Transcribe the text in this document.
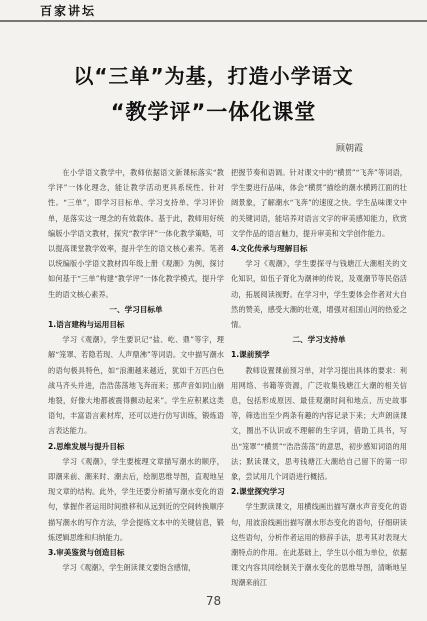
百家讲坛
以“三单”为基，打造小学语文
“教学评”一体化课堂
顾朝霞

在小学语文教学中，教师依据语文新课标落实“教学评”一体化理念，能让教学活动更具系统性、针对性。“三单”，即学习目标单、学习支持单、学习评价单，是落实这一理念的有效载体。基于此，教师用好统编版小学语文教材，探究“教学评”一体化教学策略，可以提高课堂教学效率，提升学生的语文核心素养。笔者以统编版小学语文教材四年级上册《观潮》为例，探讨如何基于“三单”构建“教学评”一体化教学模式，提升学生的语文核心素养。

一、学习目标单
1.语言建构与运用目标

学习《观潮》，学生要识记“盐、屹、鼎”等字，理解“笼罩、若隐若现、人声鼎沸”等词语。文中描写潮水的语句极具特色，如“浪潮越来越近，犹如千万匹白色战马齐头并进，浩浩荡荡地飞奔而来；那声音如同山崩地裂，好像大地都被震得颤动起来”。学生应积累这类语句，丰富语言素材库，还可以进行仿写训练，锻炼语言表达能力。

2.思维发展与提升目标

学习《观潮》，学生要梳理文章描写潮水的顺序，即潮来前、潮来时、潮去后，绘制思维导图，直观地呈现文章的结构。此外，学生还要分析描写潮水变化的语句，掌握作者运用时间推移和从远到近的空间转换顺序描写潮水的写作方法，学会提炼文本中的关键信息，锻炼逻辑思维和归纳能力。

3.审美鉴赏与创造目标

学习《观潮》，学生朗读课文要饱含感情，

把握节奏和语调。针对课文中的“横贯”“飞奔”等词语，学生要进行品味，体会“横贯”描绘的潮水横跨江面的壮阔景象，了解潮水“飞奔”的速度之快。学生品味课文中的关键词语，能培养对语言文字的审美感知能力，欣赏文学作品的语言魅力，提升审美和文学创作能力。

4.文化传承与理解目标

学习《观潮》，学生要探寻与钱塘江大潮相关的文化知识，如伍子胥化为潮神的传说，及观潮节等民俗活动，拓展阅读视野。在学习中，学生要体会作者对大自然的赞美，感受大潮的壮观，增强对祖国山河的热爱之情。

二、学习支持单
1.课前预学

教师设置课前预习单，对学习提出具体的要求：利用网络、书籍等资源，广泛收集钱塘江大潮的相关信息，包括形成原因、最佳观潮时间和地点、历史故事等，筛选出至少两条有趣的内容记录下来；大声朗读课文，圈出不认识或不理解的生字词，借助工具书，写出“笼罩”“横贯”“浩浩荡荡”的意思，初步感知词语的用法；默读课文，思考钱塘江大潮给自己留下的第一印象，尝试用几个词语进行概括。

2.课堂探究学习

学生默读课文，用横线画出描写潮水声音变化的语句，用波浪线画出描写潮水形态变化的语句，仔细研读这些语句，分析作者运用的修辞手法，思考其对表现大潮特点的作用。在此基础上，学生以小组为单位，依据课文内容共同绘制关于潮水变化的思维导图，清晰地呈现潮来前江

78
